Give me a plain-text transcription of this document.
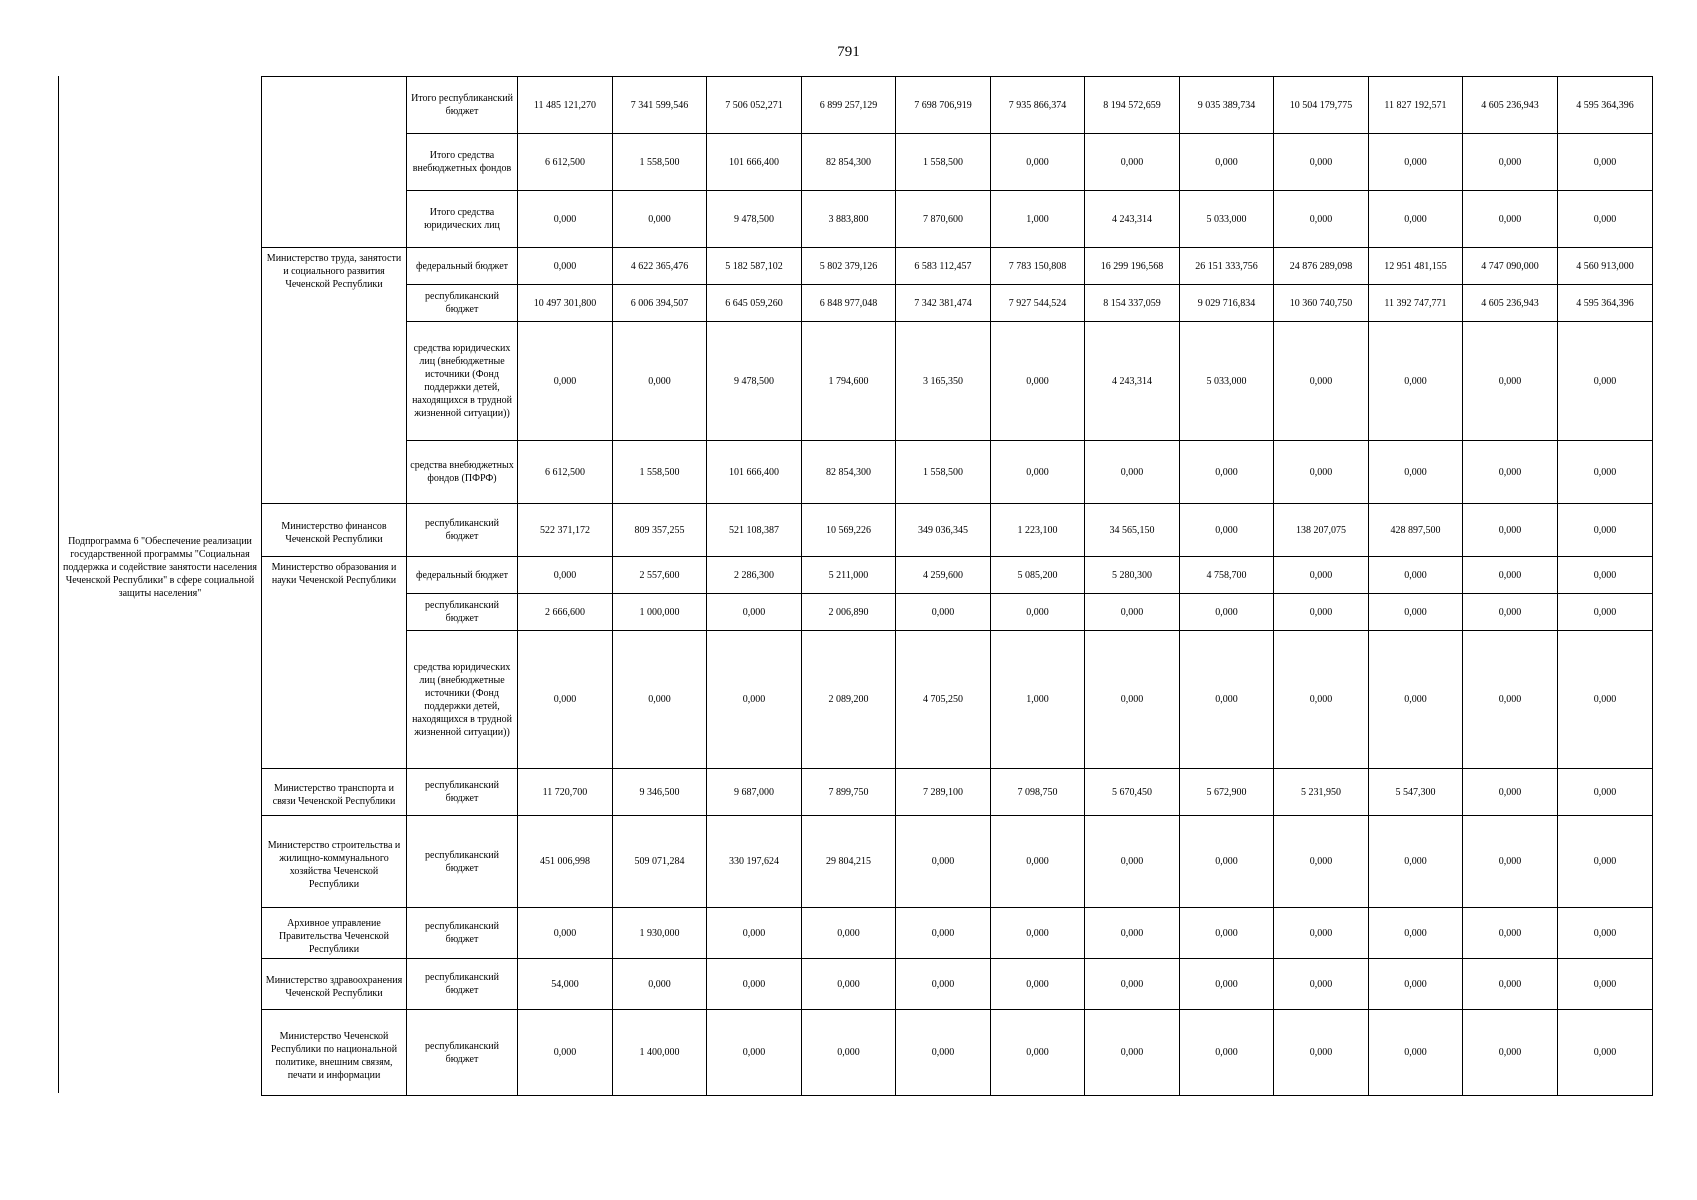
791
Подпрограмма 6 "Обеспечение реализации государственной программы "Социальная поддержка и содействие занятости населения Чеченской Республики" в сфере социальной защиты населения"
	Итого республиканский бюджет	11 485 121,270	7 341 599,546	7 506 052,271	6 899 257,129	7 698 706,919	7 935 866,374	8 194 572,659	9 035 389,734	10 504 179,775	11 827 192,571	4 605 236,943	4 595 364,396
	Итого средства внебюджетных фондов	6 612,500	1 558,500	101 666,400	82 854,300	1 558,500	0,000	0,000	0,000	0,000	0,000	0,000	0,000
	Итого средства юридических лиц	0,000	0,000	9 478,500	3 883,800	7 870,600	1,000	4 243,314	5 033,000	0,000	0,000	0,000	0,000
Министерство труда, занятости и социального развития Чеченской Республики	федеральный бюджет	0,000	4 622 365,476	5 182 587,102	5 802 379,126	6 583 112,457	7 783 150,808	16 299 196,568	26 151 333,756	24 876 289,098	12 951 481,155	4 747 090,000	4 560 913,000
	республиканский бюджет	10 497 301,800	6 006 394,507	6 645 059,260	6 848 977,048	7 342 381,474	7 927 544,524	8 154 337,059	9 029 716,834	10 360 740,750	11 392 747,771	4 605 236,943	4 595 364,396
	средства юридических лиц (внебюджетные источники (Фонд поддержки детей, находящихся в трудной жизненной ситуации))	0,000	0,000	9 478,500	1 794,600	3 165,350	0,000	4 243,314	5 033,000	0,000	0,000	0,000	0,000
	средства внебюджетных фондов (ПФРФ)	6 612,500	1 558,500	101 666,400	82 854,300	1 558,500	0,000	0,000	0,000	0,000	0,000	0,000	0,000
Министерство финансов Чеченской Республики	республиканский бюджет	522 371,172	809 357,255	521 108,387	10 569,226	349 036,345	1 223,100	34 565,150	0,000	138 207,075	428 897,500	0,000	0,000
Министерство образования и науки Чеченской Республики	федеральный бюджет	0,000	2 557,600	2 286,300	5 211,000	4 259,600	5 085,200	5 280,300	4 758,700	0,000	0,000	0,000	0,000
	республиканский бюджет	2 666,600	1 000,000	0,000	2 006,890	0,000	0,000	0,000	0,000	0,000	0,000	0,000	0,000
	средства юридических лиц (внебюджетные источники (Фонд поддержки детей, находящихся в трудной жизненной ситуации))	0,000	0,000	0,000	2 089,200	4 705,250	1,000	0,000	0,000	0,000	0,000	0,000	0,000
Министерство транспорта и связи Чеченской Республики	республиканский бюджет	11 720,700	9 346,500	9 687,000	7 899,750	7 289,100	7 098,750	5 670,450	5 672,900	5 231,950	5 547,300	0,000	0,000
Министерство строительства и жилищно-коммунального хозяйства Чеченской Республики	республиканский бюджет	451 006,998	509 071,284	330 197,624	29 804,215	0,000	0,000	0,000	0,000	0,000	0,000	0,000	0,000
Архивное управление Правительства Чеченской Республики	республиканский бюджет	0,000	1 930,000	0,000	0,000	0,000	0,000	0,000	0,000	0,000	0,000	0,000	0,000
Министерство здравоохранения Чеченской Республики	республиканский бюджет	54,000	0,000	0,000	0,000	0,000	0,000	0,000	0,000	0,000	0,000	0,000	0,000
Министерство Чеченской Республики по национальной политике, внешним связям, печати и информации	республиканский бюджет	0,000	1 400,000	0,000	0,000	0,000	0,000	0,000	0,000	0,000	0,000	0,000	0,000
